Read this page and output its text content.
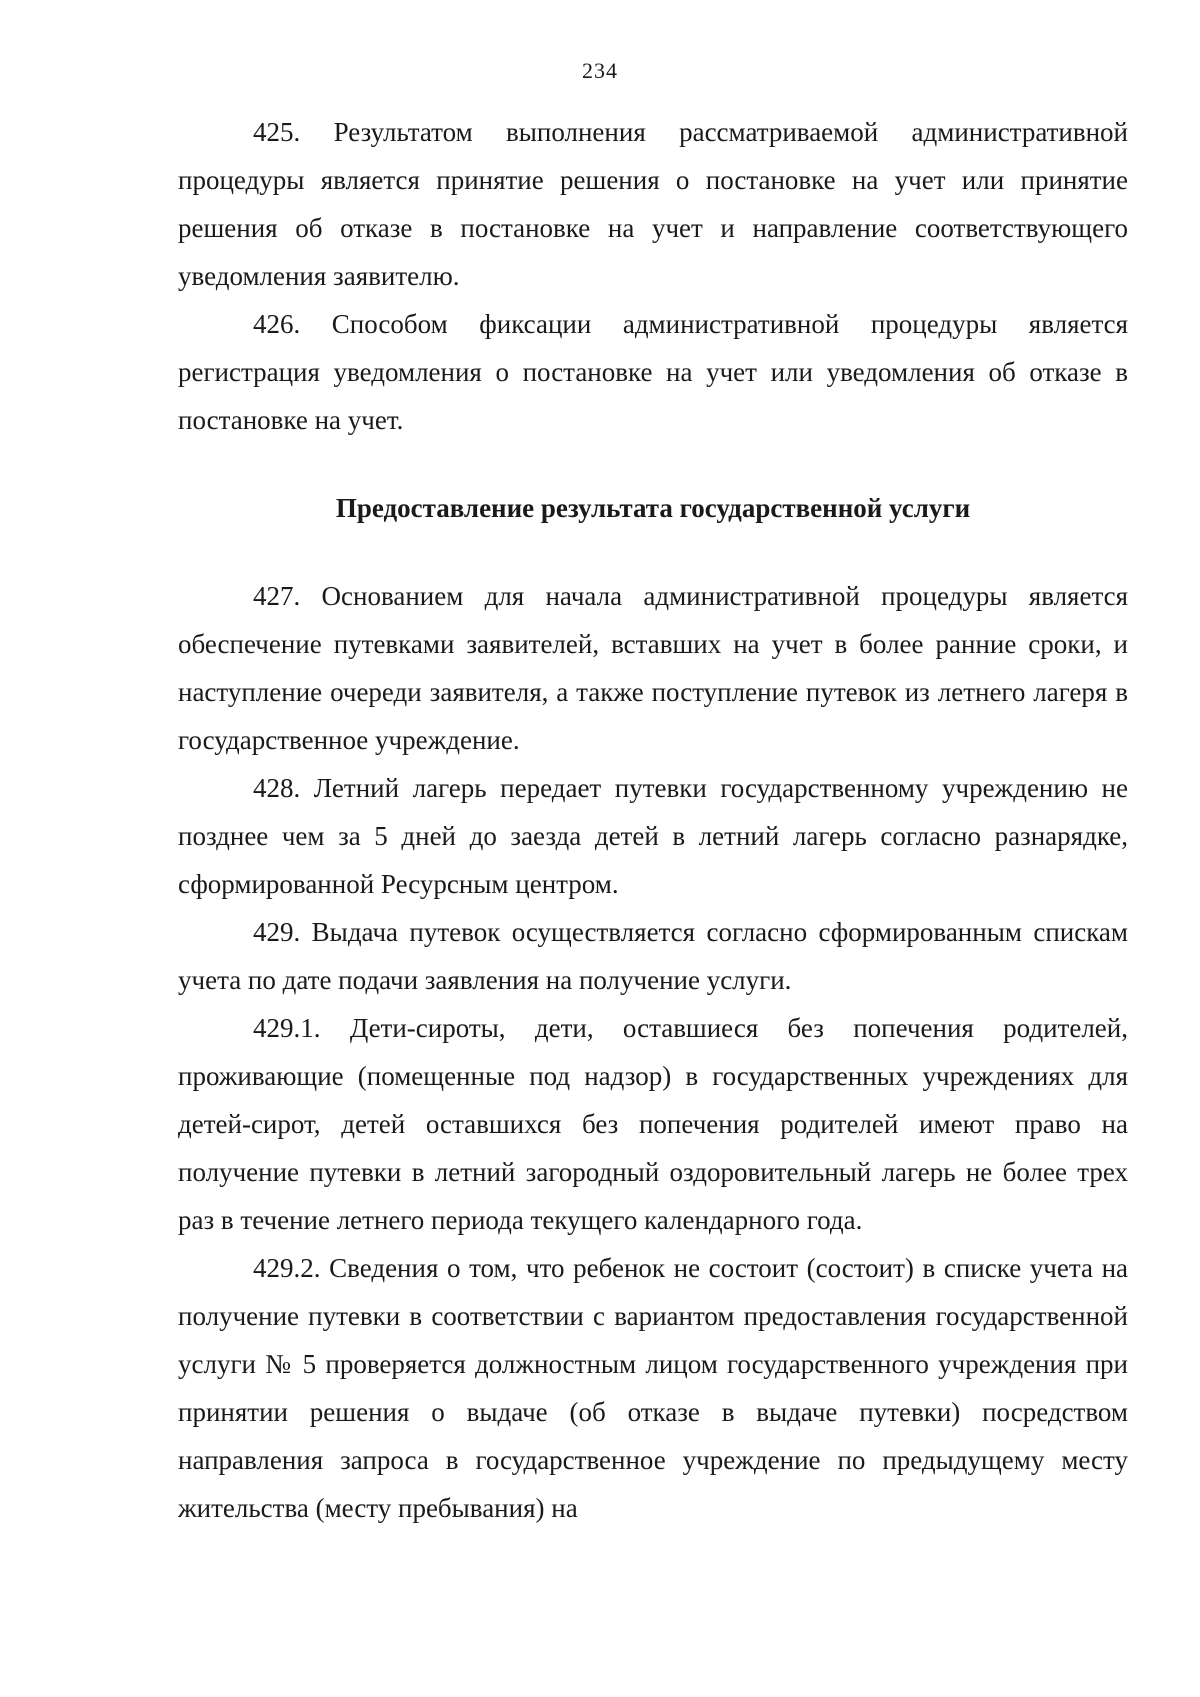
234

425. Результатом выполнения рассматриваемой административной процедуры является принятие решения о постановке на учет или принятие решения об отказе в постановке на учет и направление соответствующего уведомления заявителю.

426. Способом фиксации административной процедуры является регистрация уведомления о постановке на учет или уведомления об отказе в постановке на учет.

Предоставление результата государственной услуги

427. Основанием для начала административной процедуры является обеспечение путевками заявителей, вставших на учет в более ранние сроки, и наступление очереди заявителя, а также поступление путевок из летнего лагеря в государственное учреждение.

428. Летний лагерь передает путевки государственному учреждению не позднее чем за 5 дней до заезда детей в летний лагерь согласно разнарядке, сформированной Ресурсным центром.

429. Выдача путевок осуществляется согласно сформированным спискам учета по дате подачи заявления на получение услуги.

429.1. Дети-сироты, дети, оставшиеся без попечения родителей, проживающие (помещенные под надзор) в государственных учреждениях для детей-сирот, детей оставшихся без попечения родителей имеют право на получение путевки в летний загородный оздоровительный лагерь не более трех раз в течение летнего периода текущего календарного года.

429.2. Сведения о том, что ребенок не состоит (состоит) в списке учета на получение путевки в соответствии с вариантом предоставления государственной услуги № 5 проверяется должностным лицом государственного учреждения при принятии решения о выдаче (об отказе в выдаче путевки) посредством направления запроса в государственное учреждение по предыдущему месту жительства (месту пребывания) на
